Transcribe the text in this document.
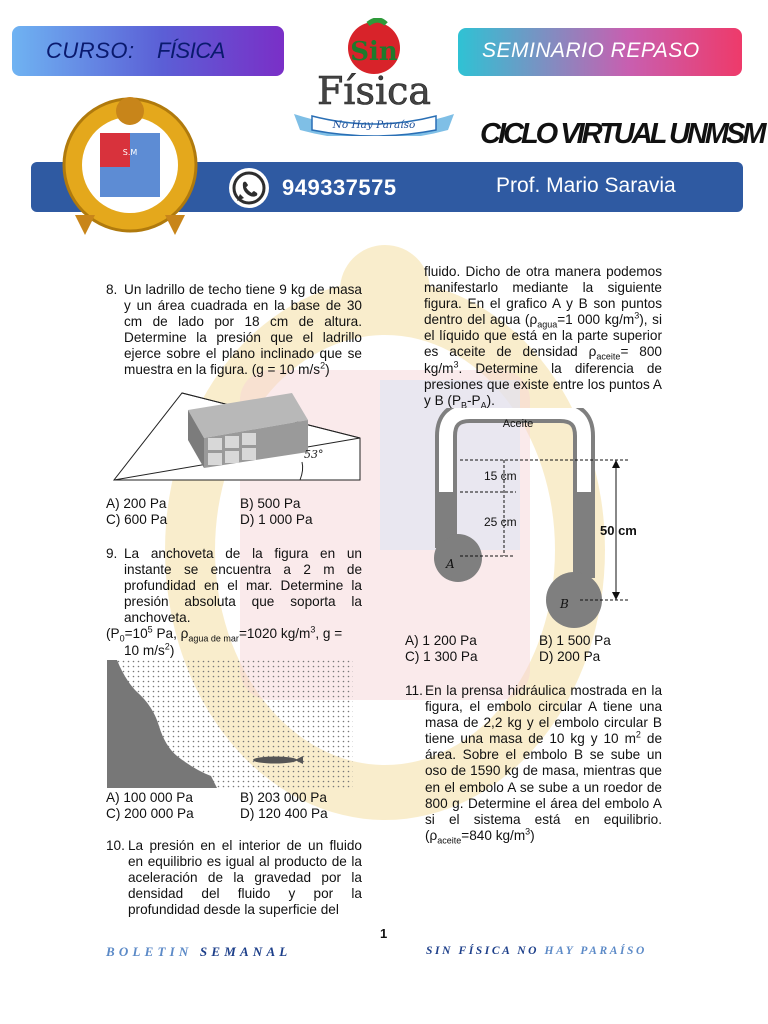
CURSO: FÍSICA	Sin
Física
No Hay Paraíso
SEMINARIO REPASO
CICLO VIRTUAL UNMSM
949337575	Prof. Mario Saravia
S.M
8. Un ladrillo de techo tiene 9 kg de masa y un área cuadrada en la base de 30 cm de lado por 18 cm de altura. Determine la presión que el ladrillo ejerce sobre el plano inclinado que se muestra en la figura. (g = 10 $m/s^2$)
53°
A) 200 Pa	B) 500 Pa
C) 600 Pa	D) 1 000 Pa
9. La anchoveta de la figura en un instante se encuentra a 2 m de profundidad en el mar. Determine la presión absoluta que soporta la anchoveta.
($P_0=10^5$ Pa, $\rho_{agua de mar}=1020$ $kg/m^3$, g =
10 $m/s^2$)
A) 100 000 Pa	B) 203 000 Pa
C) 200 000 Pa	D) 120 400 Pa
10. La presión en el interior de un fluido en equilibrio es igual al producto de la aceleración de la gravedad por la densidad del fluido y por la profundidad desde la superficie del
fluido. Dicho de otra manera podemos manifestarlo mediante la siguiente figura. En el grafico A y B son puntos dentro del agua ($\rho_{agua}=1$ 000 $kg/m^3$), si el líquido que está en la parte superior es aceite de densidad $\rho_{aceite}= 800$ $kg/m^3$. Determine la diferencia de presiones que existe entre los puntos A y B $(P_B-P_A)$.
Aceite
15 cm
25 cm
50 cm
A
B
A) 1 200 Pa	B) 1 500 Pa
C) 1 300 Pa	D) 200 Pa
11. En la prensa hidráulica mostrada en la figura, el embolo circular A tiene una masa de 2,2 kg y el embolo circular B tiene una masa de 10 kg y 10 $m^2$ de área. Sobre el embolo B se sube un oso de 1590 kg de masa, mientras que en el embolo A se sube a un roedor de 800 g. Determine el área del embolo A si el sistema está en equilibrio. ($\rho_{aceite}=840$ $kg/m^3$)
1
BOLETIN SEMANAL	SIN FÍSICA NO HAY PARAÍSO
